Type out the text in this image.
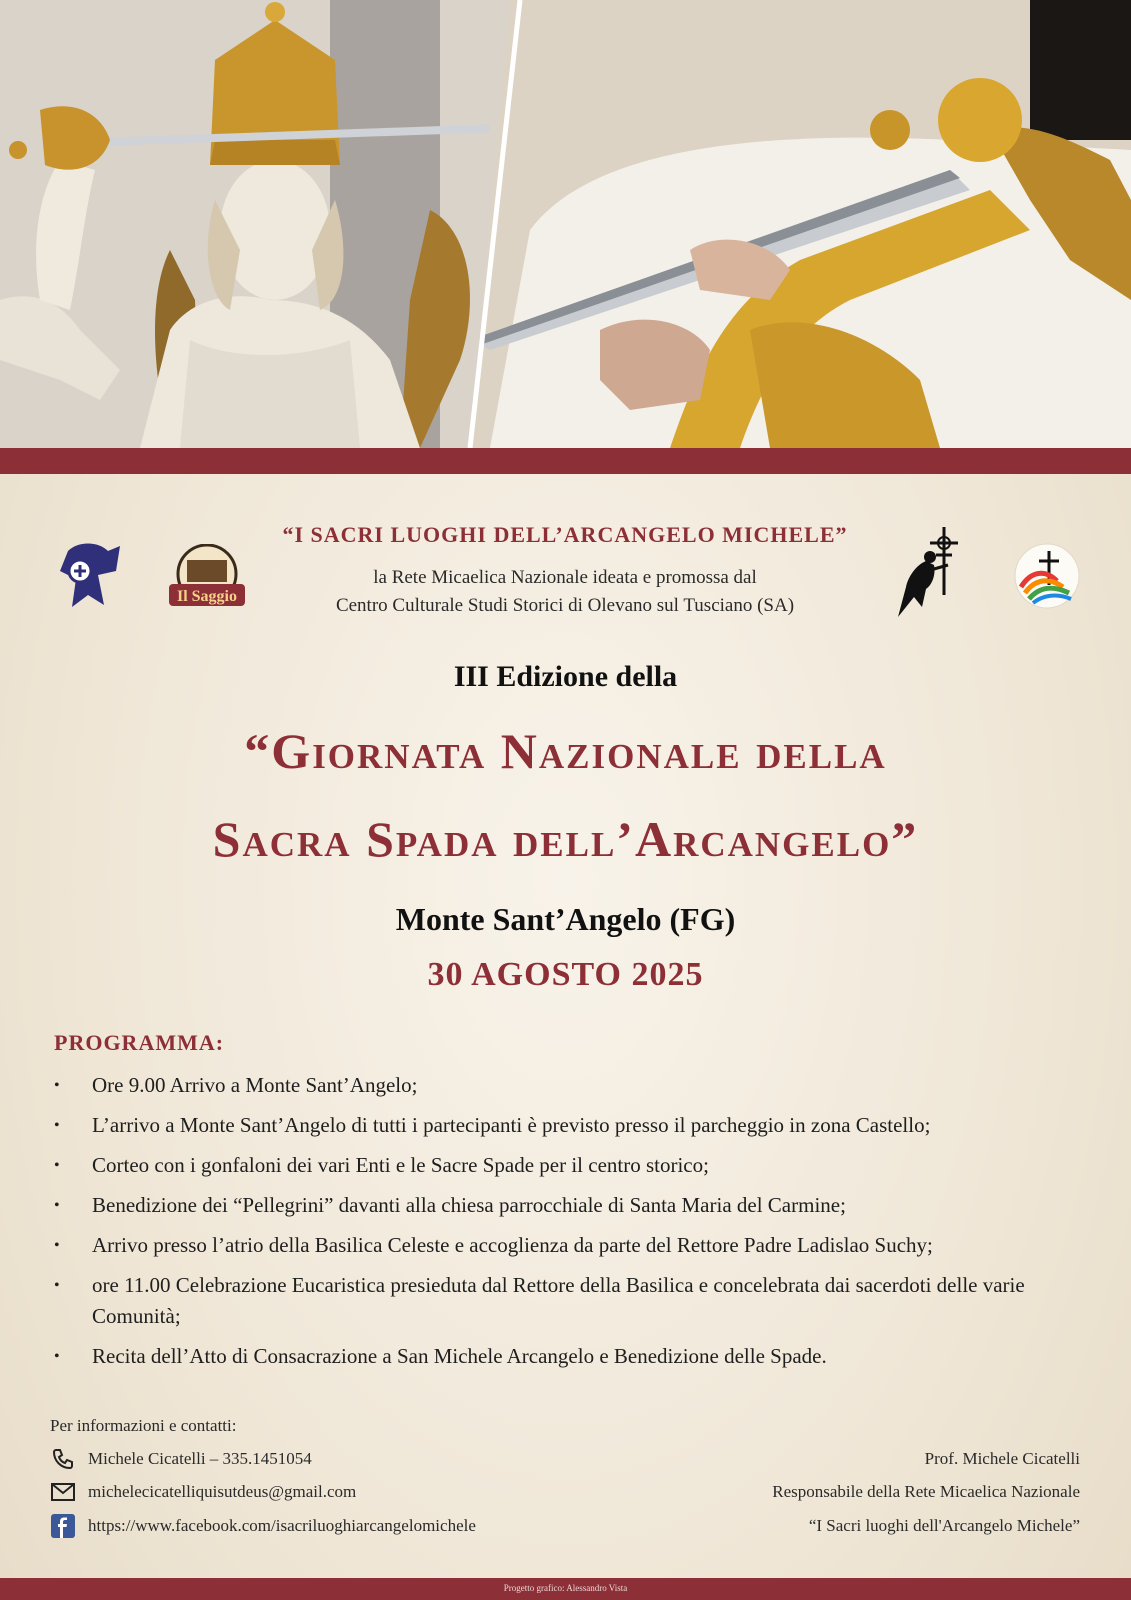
Il Saggio
“I SACRI LUOGHI DELL’ARCANGELO MICHELE”
la Rete Micaelica Nazionale ideata e promossa dal
Centro Culturale Studi Storici di Olevano sul Tusciano (SA)
III Edizione della
“Giornata Nazionale della
Sacra Spada dell’Arcangelo”
Monte Sant’Angelo (FG)
30 AGOSTO 2025
PROGRAMMA:
• Ore 9.00 Arrivo a Monte Sant’Angelo;
• L’arrivo a Monte Sant’Angelo di tutti i partecipanti è previsto presso il parcheggio in zona Castello;
• Corteo con i gonfaloni dei vari Enti e le Sacre Spade per il centro storico;
• Benedizione dei “Pellegrini” davanti alla chiesa parrocchiale di Santa Maria del Carmine;
• Arrivo presso l’atrio della Basilica Celeste e accoglienza da parte del Rettore Padre Ladislao Suchy;
• ore 11.00 Celebrazione Eucaristica presieduta dal Rettore della Basilica e concelebrata dai sacerdoti delle varie Comunità;
• Recita dell’Atto di Consacrazione a San Michele Arcangelo e Benedizione delle Spade.
Per informazioni e contatti:
Michele Cicatelli – 335.1451054
michelecicatelliquisutdeus@gmail.com
https://www.facebook.com/isacriluoghiarcangelomichele
Prof. Michele Cicatelli
Responsabile della Rete Micaelica Nazionale
“I Sacri luoghi dell'Arcangelo Michele”
Progetto grafico: Alessandro Vista
